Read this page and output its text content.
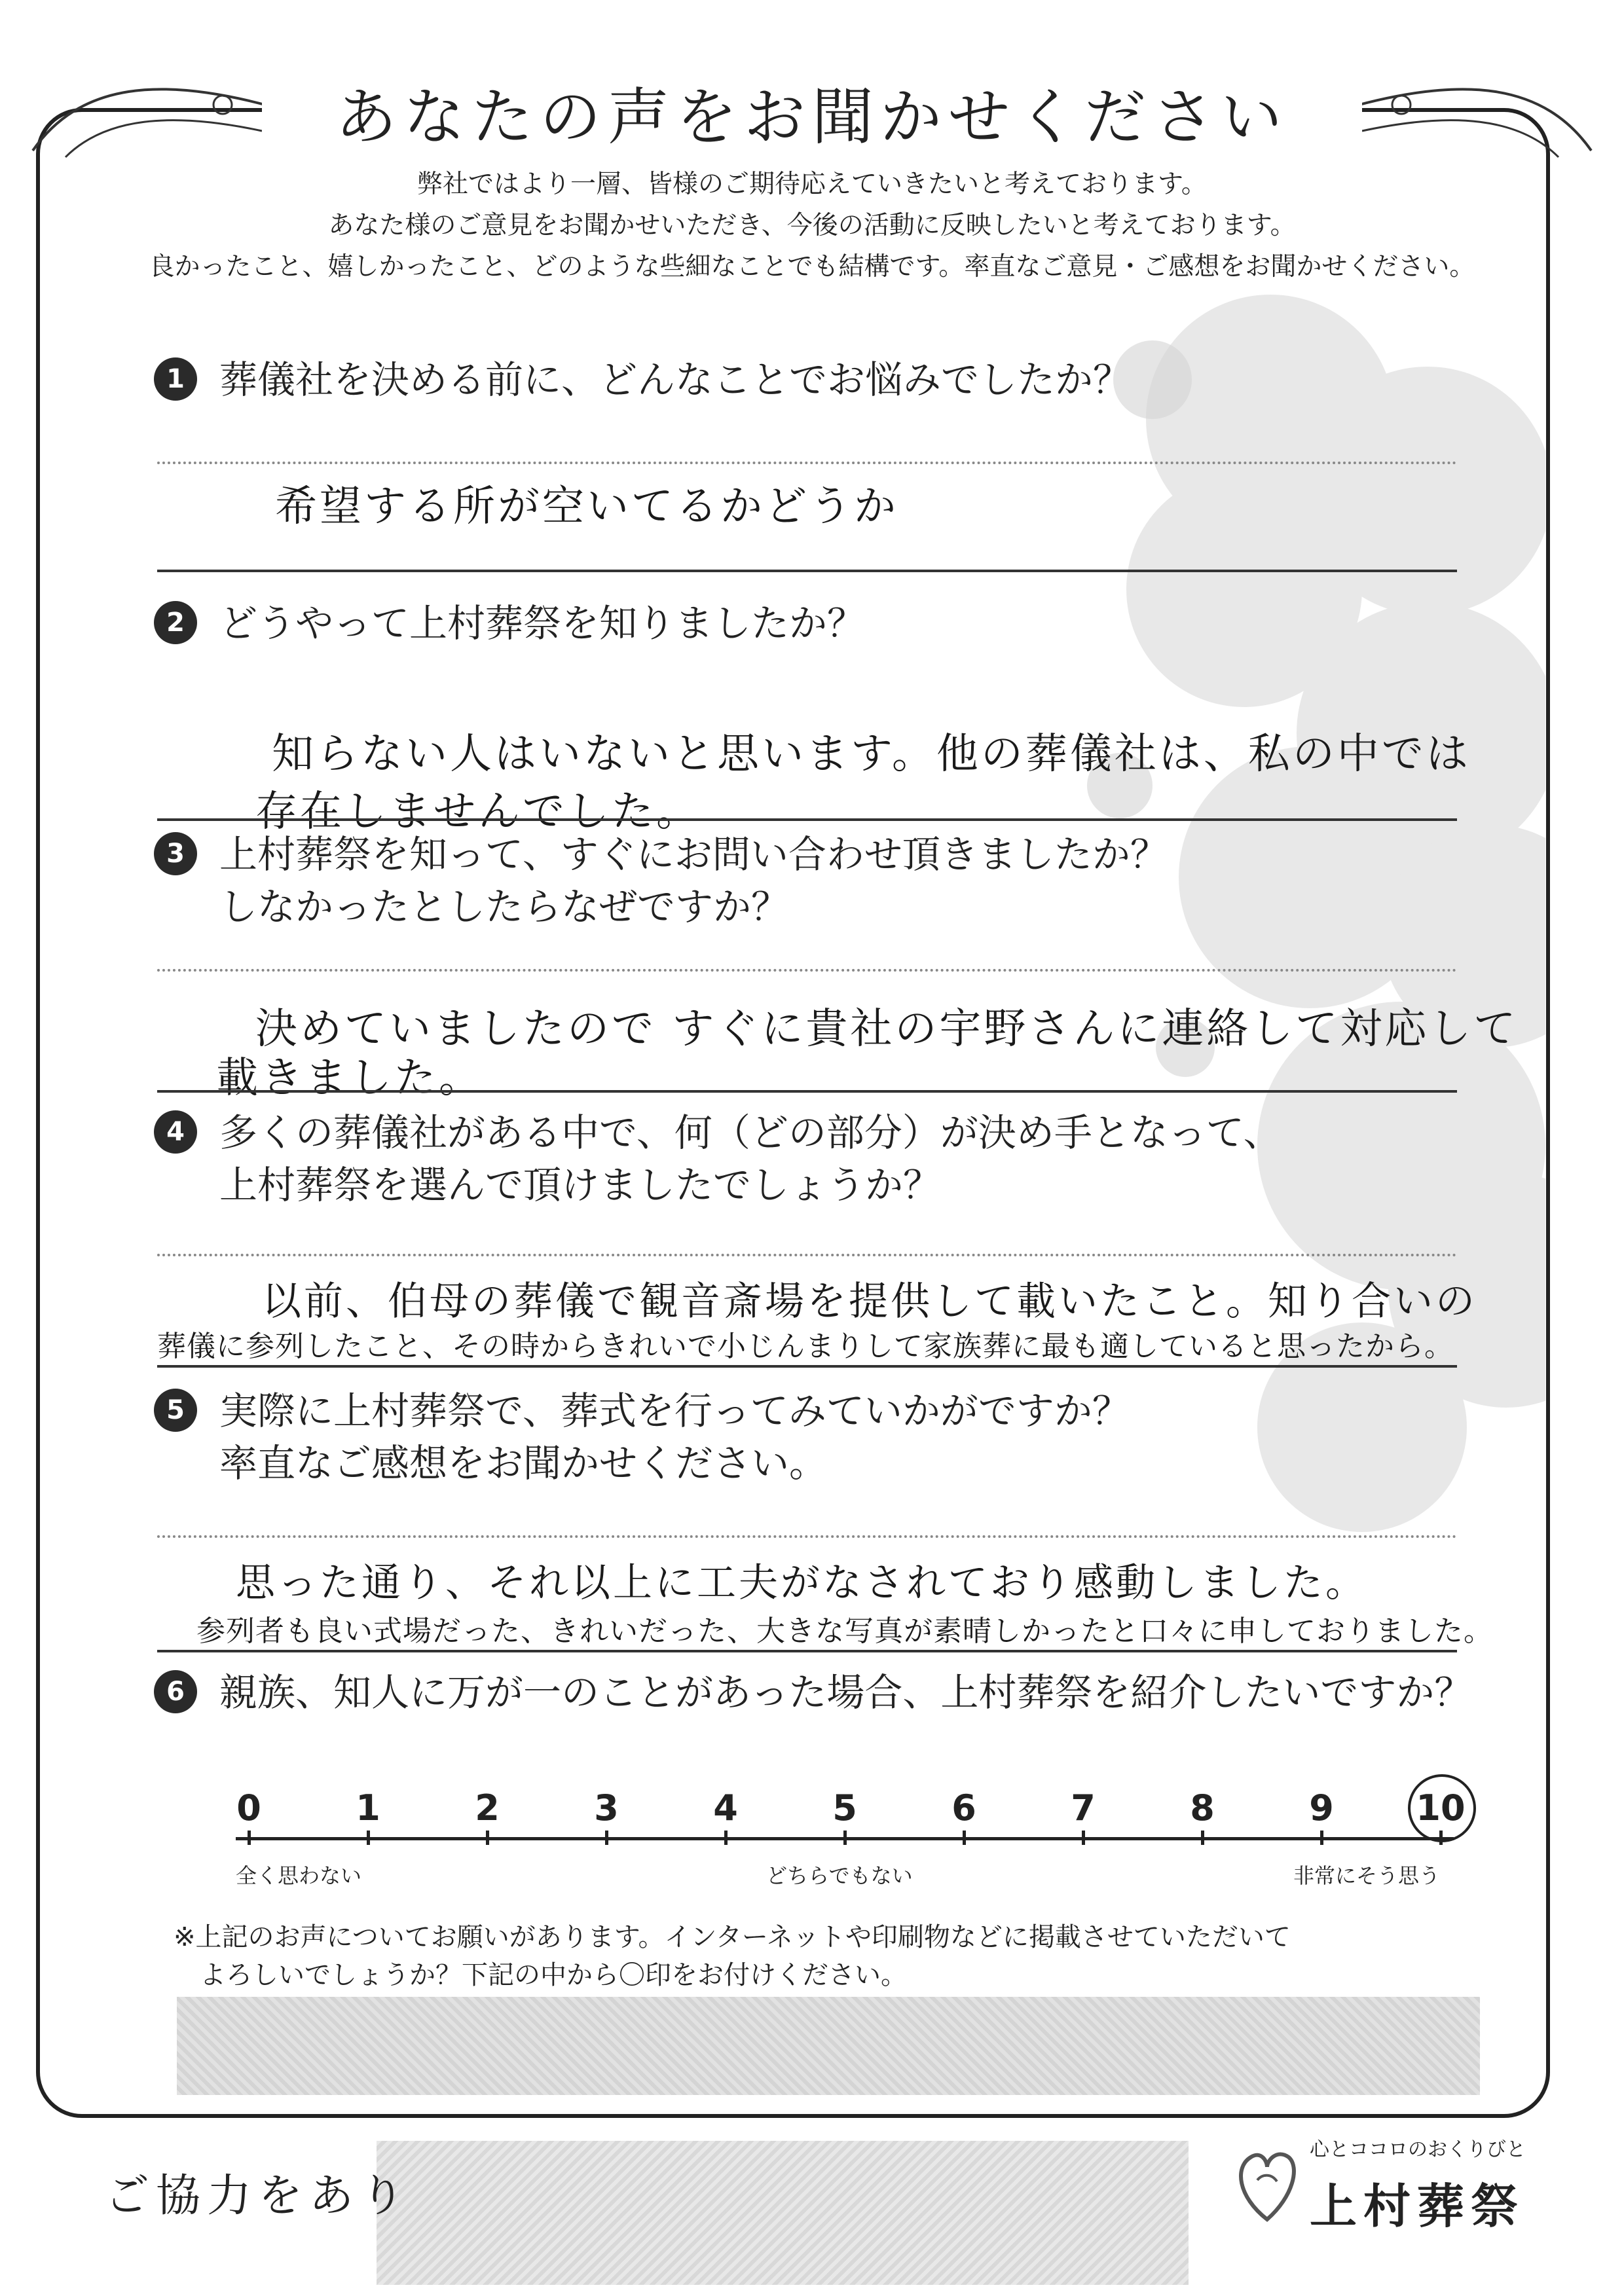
あなたの声をお聞かせください
弊社ではより一層、皆様のご期待応えていきたいと考えております。
あなた様のご意見をお聞かせいただき、今後の活動に反映したいと考えております。
良かったこと、嬉しかったこと、どのような些細なことでも結構です。率直なご意見・ご感想をお聞かせください。
1 葬儀社を決める前に、どんなことでお悩みでしたか？
希望する所が空いてるかどうか
2 どうやって上村葬祭を知りましたか？
知らない人はいないと思います。他の葬儀社は、私の中では
存在しませんでした。
3 上村葬祭を知って、すぐにお問い合わせ頂きましたか？
しなかったとしたらなぜですか？
決めていましたので すぐに貴社の宇野さんに連絡して対応して
載きました。
4 多くの葬儀社がある中で、何（どの部分）が決め手となって、
上村葬祭を選んで頂けましたでしょうか？
以前、伯母の葬儀で観音斎場を提供して載いたこと。知り合いの
葬儀に参列したこと、その時からきれいで小じんまりして家族葬に最も適していると思ったから。
5 実際に上村葬祭で、葬式を行ってみていかがですか？
率直なご感想をお聞かせください。
思った通り、それ以上に工夫がなされており感動しました。
参列者も良い式場だった、きれいだった、大きな写真が素晴しかったと口々に申しておりました。
6 親族、知人に万が一のことがあった場合、上村葬祭を紹介したいですか？
0	1	2	3	4	5	6	7	8	9	10
全く思わない	どちらでもない	非常にそう思う
※上記のお声についてお願いがあります。インターネットや印刷物などに掲載させていただいて
よろしいでしょうか？下記の中から〇印をお付けください。
ご協力をあり
心とココロのおくりびと
上村葬祭
